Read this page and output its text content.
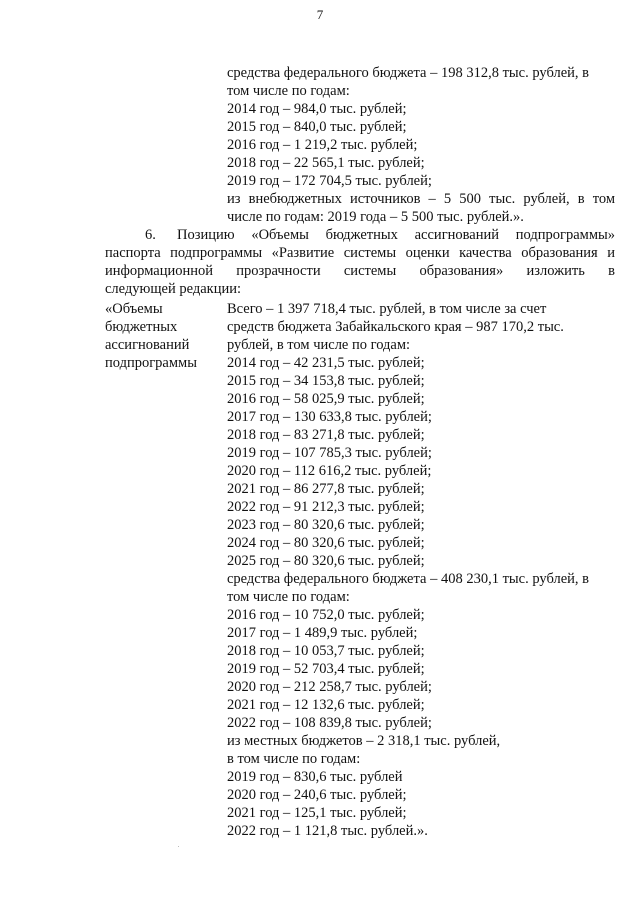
7
средства федерального бюджета – 198 312,8 тыс. рублей, в
том числе по годам:
2014 год – 984,0 тыс. рублей;
2015 год – 840,0 тыс. рублей;
2016 год – 1 219,2 тыс. рублей;
2018 год – 22 565,1 тыс. рублей;
2019 год – 172 704,5 тыс. рублей;
из внебюджетных источников – 5 500 тыс. рублей, в том
числе по годам: 2019 года – 5 500 тыс. рублей.».
6. Позицию «Объемы бюджетных ассигнований подпрограммы»
паспорта подпрограммы «Развитие системы оценки качества образования и
информационной прозрачности системы образования» изложить в
следующей редакции:
«Объемы
бюджетных
ассигнований
подпрограммы
Всего – 1 397 718,4 тыс. рублей, в том числе за счет
средств бюджета Забайкальского края – 987 170,2 тыс.
рублей, в том числе по годам:
2014 год – 42 231,5 тыс. рублей;
2015 год – 34 153,8 тыс. рублей;
2016 год – 58 025,9 тыс. рублей;
2017 год – 130 633,8 тыс. рублей;
2018 год – 83 271,8 тыс. рублей;
2019 год – 107 785,3 тыс. рублей;
2020 год – 112 616,2 тыс. рублей;
2021 год – 86 277,8 тыс. рублей;
2022 год – 91 212,3 тыс. рублей;
2023 год – 80 320,6 тыс. рублей;
2024 год – 80 320,6 тыс. рублей;
2025 год – 80 320,6 тыс. рублей;
средства федерального бюджета – 408 230,1 тыс. рублей, в
том числе по годам:
2016 год – 10 752,0 тыс. рублей;
2017 год – 1 489,9 тыс. рублей;
2018 год – 10 053,7 тыс. рублей;
2019 год – 52 703,4 тыс. рублей;
2020 год – 212 258,7 тыс. рублей;
2021 год – 12 132,6 тыс. рублей;
2022 год – 108 839,8 тыс. рублей;
из местных бюджетов – 2 318,1 тыс. рублей,
в том числе по годам:
2019 год – 830,6 тыс. рублей
2020 год – 240,6 тыс. рублей;
2021 год – 125,1 тыс. рублей;
2022 год – 1 121,8 тыс. рублей.».
